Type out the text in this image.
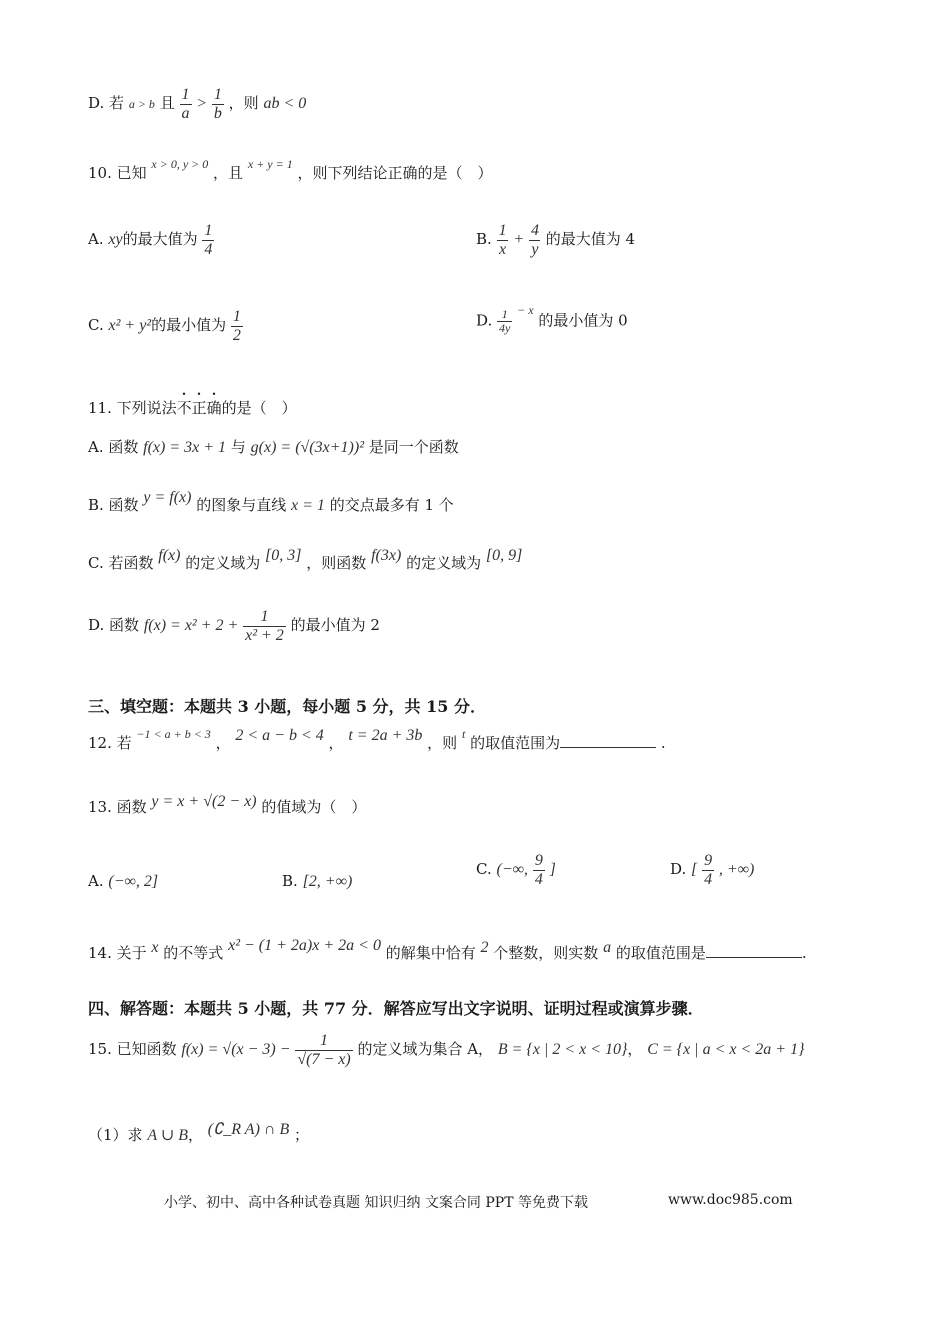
D. 若 a > b 且 $\frac{1}{a} > \frac{1}{b}$ ，则 ab < 0
10. 已知 $^{x > 0, y > 0}$ ，且 $^{x + y = 1}$ ，则下列结论正确的是（　）
A. xy的最大值为 $\frac{1}{4}$	B. $\frac{1}{x} + \frac{4}{y}$ 的最大值为 4
C. x² + y²的最小值为 $\frac{1}{2}$	D. $\frac{1}{4y} ^{- x}$ 的最小值为 0
11. 下列说法不正确的是（　）
A. 函数 f(x) = 3x + 1 与 g(x) = (√(3x+1))² 是同一个函数
B. 函数 y = f(x) 的图象与直线 x = 1 的交点最多有 1 个
C. 若函数 f(x) 的定义域为 [0, 3] ，则函数 f(3x) 的定义域为 [0, 9]
D. 函数 $f(x) = x^2 + 2 + \frac{1}{\text{x² + 2}}$ 的最小值为 2
三、填空题：本题共 3 小题，每小题 5 分，共 15 分．
12. 若 $^{-1 < a + b < 3}$ ， 2 < a − b < 4 ， t = 2a + 3b ，则 $^t$ 的取值范围为	.
13. 函数 y = x + √(2 − x) 的值域为（　）
A. (−∞, 2]	B. [2, +∞)
C. (−∞, $\frac{9}{4}$ ]	D. [ $\frac{9}{4}$ , +∞)
14. 关于 x 的不等式 x² − (1 + 2a)x + 2a < 0 的解集中恰有 2 个整数，则实数 a 的取值范围是	.
四、解答题：本题共 5 小题，共 77 分．解答应写出文字说明、证明过程或演算步骤．
15. 已知函数 $f(x) = √(x - 3) - \frac{1}{√(7 - x)}$ 的定义域为集合 A， B = {x | 2 < x < 10}， C = {x | a < x < 2a + 1}
（1）求 A ∪ B， (∁_R A) ∩ B ；
小学、初中、高中各种试卷真题 知识归纳 文案合同 PPT 等免费下载	www.doc985.com
